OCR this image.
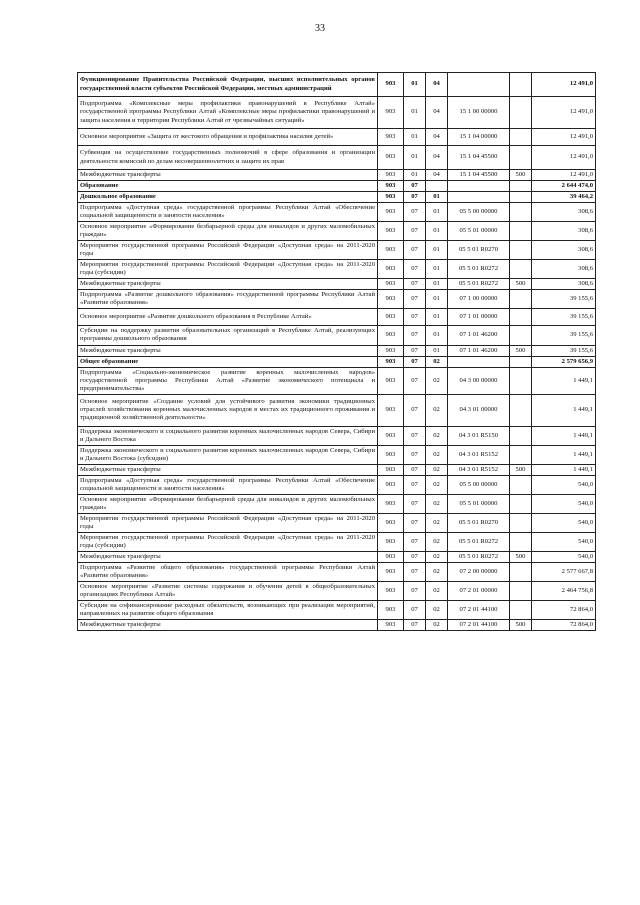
33
Функционирование Правительства Российской Федерации, высших исполнительных органов государственной власти субъектов Российской Федерации, местных администраций	903	01	04			12 491,0
Подпрограмма «Комплексные меры профилактики правонарушений в Республике Алтай» государственной программы Республики Алтай «Комплексные меры профилактики правонарушений и защита населения и территории Республики Алтай от чрезвычайных ситуаций»	903	01	04	15 1 00 00000		12 491,0
Основное мероприятие «Защита от жестокого обращения и профилактика насилия детей»	903	01	04	15 1 04 00000		12 491,0
Субвенция на осуществление государственных полномочий в сфере образования и организации деятельности комиссий по делам несовершеннолетних и защите их прав	903	01	04	15 1 04 45500		12 491,0
Межбюджетные трансферты	903	01	04	15 1 04 45500	500	12 491,0
Образование	903	07				2 644 474,0
Дошкольное образование	903	07	01			39 464,2
Подпрограмма «Доступная среда» государственной программы Республики Алтай «Обеспечение социальной защищенности и занятости населения»	903	07	01	05 5 00 00000		308,6
Основное мероприятие «Формирование безбарьерной среды для инвалидов и других маломобильных граждан»	903	07	01	05 5 01 00000		308,6
Мероприятия государственной программы Российской Федерации «Доступная среда» на 2011-2020 годы	903	07	01	05 5 01 R0270		308,6
Мероприятия государственной программы Российской Федерации «Доступная среда» на 2011-2020 годы (субсидии)	903	07	01	05 5 01 R0272		308,6
Межбюджетные трансферты	903	07	01	05 5 01 R0272	500	308,6
Подпрограмма «Развитие дошкольного образования» государственной программы Республики Алтай «Развитие образования»	903	07	01	07 1 00 00000		39 155,6
Основное мероприятие «Развитие дошкольного образования в Республике Алтай»	903	07	01	07 1 01 00000		39 155,6
Субсидии на поддержку развития образовательных организаций в Республике Алтай, реализующих программы дошкольного образования	903	07	01	07 1 01 46200		39 155,6
Межбюджетные трансферты	903	07	01	07 1 01 46200	500	39 155,6
Общее образование	903	07	02			2 579 656,9
Подпрограмма «Социально-экономическое развитие коренных малочисленных народов» государственной программы Республики Алтай «Развитие экономического потенциала и предпринимательства»	903	07	02	04 3 00 00000		1 449,1
Основное мероприятие «Создание условий для устойчивого развития экономики традиционных отраслей хозяйствования коренных малочисленных народов в местах их традиционного проживания и традиционной хозяйственной деятельности»	903	07	02	04 3 01 00000		1 449,1
Поддержка экономического и социального развития коренных малочисленных народов Севера, Сибири и Дальнего Востока	903	07	02	04 3 01 R5150		1 449,1
Поддержка экономического и социального развития коренных малочисленных народов Севера, Сибири и Дальнего Востока (субсидии)	903	07	02	04 3 01 R5152		1 449,1
Межбюджетные трансферты	903	07	02	04 3 01 R5152	500	1 449,1
Подпрограмма «Доступная среда» государственной программы Республики Алтай «Обеспечение социальной защищенности и занятости населения»	903	07	02	05 5 00 00000		540,0
Основное мероприятие «Формирование безбарьерной среды для инвалидов и других маломобильных граждан»	903	07	02	05 5 01 00000		540,0
Мероприятия государственной программы Российской Федерации «Доступная среда» на 2011-2020 годы	903	07	02	05 5 01 R0270		540,0
Мероприятия государственной программы Российской Федерации «Доступная среда» на 2011-2020 годы (субсидии)	903	07	02	05 5 01 R0272		540,0
Межбюджетные трансферты	903	07	02	05 5 01 R0272	500	540,0
Подпрограмма «Развитие общего образования» государственной программы Республики Алтай «Развитие образования»	903	07	02	07 2 00 00000		2 577 667,8
Основное мероприятие «Развитие системы содержания и обучения детей в общеобразовательных организациях Республики Алтай»	903	07	02	07 2 01 00000		2 464 756,8
Субсидии на софинансирование расходных обязательств, возникающих при реализации мероприятий, направленных на развитие общего образования	903	07	02	07 2 01 44100		72 864,0
Межбюджетные трансферты	903	07	02	07 2 01 44100	500	72 864,0
